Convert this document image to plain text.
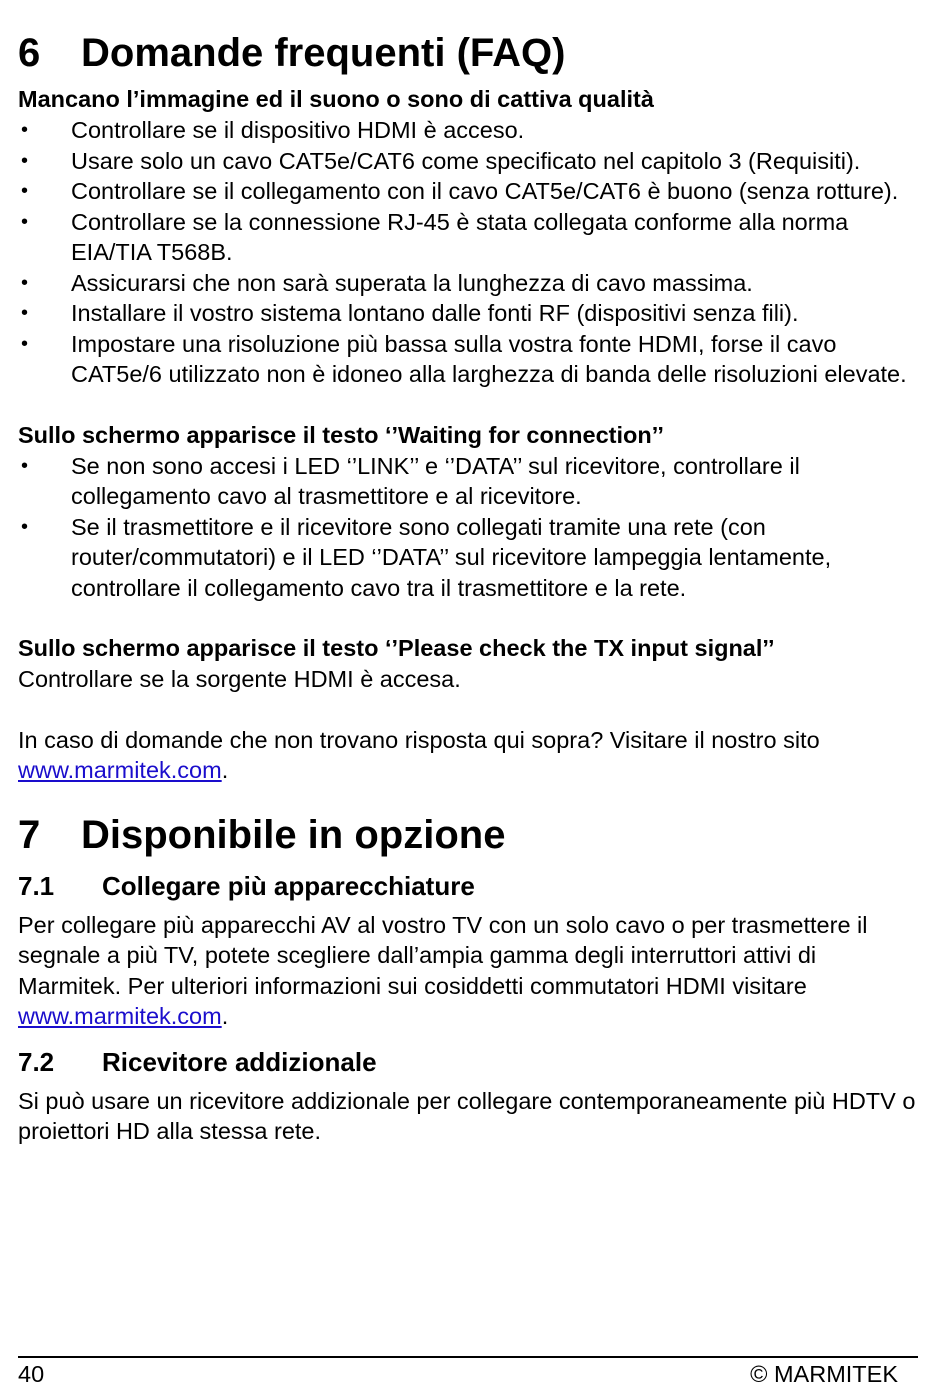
6 Domande frequenti (FAQ)

Mancano l’immagine ed il suono o sono di cattiva qualità

• Controllare se il dispositivo HDMI è acceso.
• Usare solo un cavo CAT5e/CAT6 come specificato nel capitolo 3 (Requisiti).
• Controllare se il collegamento con il cavo CAT5e/CAT6 è buono (senza rotture).
• Controllare se la connessione RJ-45 è stata collegata conforme alla norma EIA/TIA T568B.
• Assicurarsi che non sarà superata la lunghezza di cavo massima.
• Installare il vostro sistema lontano dalle fonti RF (dispositivi senza fili).
• Impostare una risoluzione più bassa sulla vostra fonte HDMI, forse il cavo CAT5e/6 utilizzato non è idoneo alla larghezza di banda delle risoluzioni elevate.

Sullo schermo apparisce il testo ‘’Waiting for connection’’

• Se non sono accesi i LED ‘’LINK’’ e ‘’DATA’’ sul ricevitore, controllare il collegamento cavo al trasmettitore e al ricevitore.
• Se il trasmettitore e il ricevitore sono collegati tramite una rete (con router/commutatori) e il LED ‘’DATA’’ sul ricevitore lampeggia lentamente, controllare il collegamento cavo tra il trasmettitore e la rete.

Sullo schermo apparisce il testo ‘’Please check the TX input signal’’

Controllare se la sorgente HDMI è accesa.

In caso di domande che non trovano risposta qui sopra? Visitare il nostro sito www.marmitek.com.

7 Disponibile in opzione
7.1 Collegare più apparecchiature

Per collegare più apparecchi AV al vostro TV con un solo cavo o per trasmettere il segnale a più TV, potete scegliere dall’ampia gamma degli interruttori attivi di Marmitek. Per ulteriori informazioni sui cosiddetti commutatori HDMI visitare www.marmitek.com.

7.2 Ricevitore addizionale

Si può usare un ricevitore addizionale per collegare contemporaneamente più HDTV o proiettori HD alla stessa rete.

40	© MARMITEK
